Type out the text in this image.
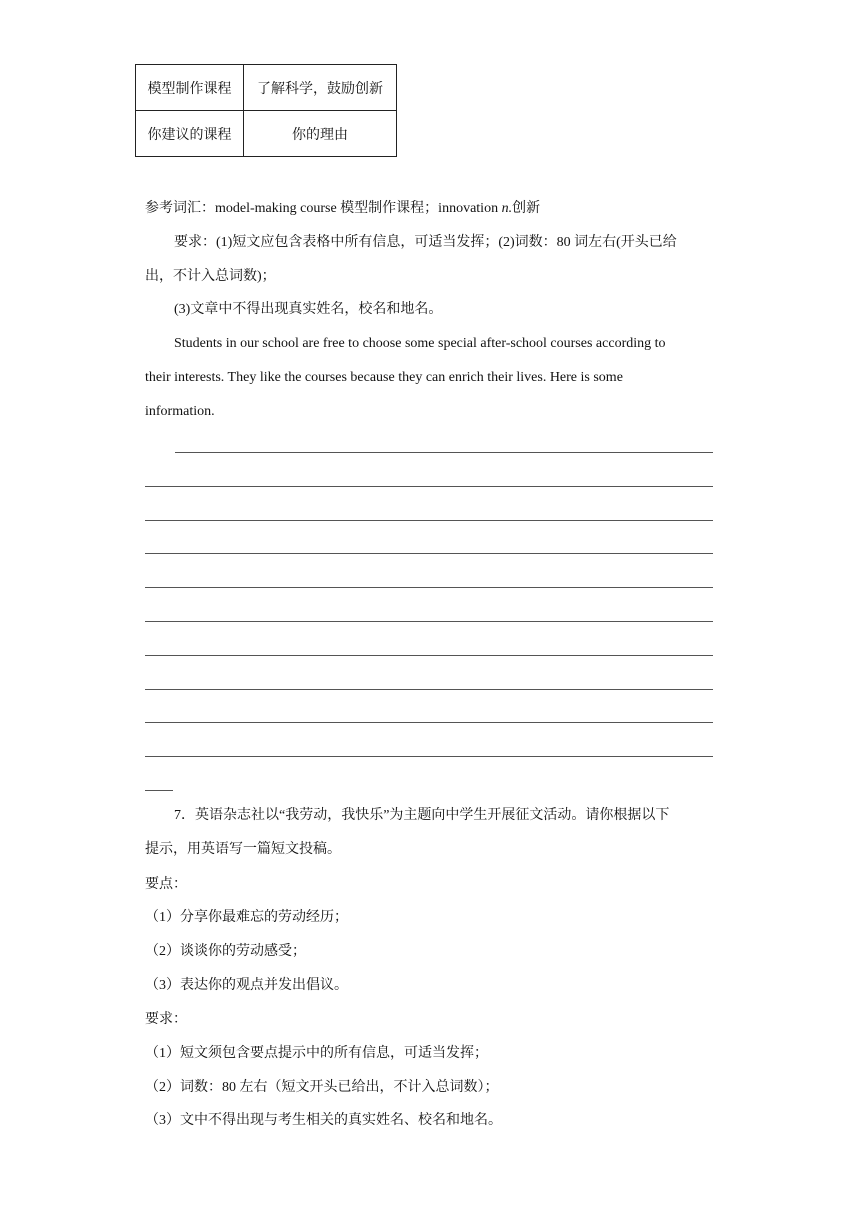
模型制作课程	了解科学，鼓励创新
你建议的课程	你的理由
参考词汇：model-making course 模型制作课程；innovation n.创新
要求：(1)短文应包含表格中所有信息，可适当发挥；(2)词数：80 词左右(开头已给
出，不计入总词数)；
(3)文章中不得出现真实姓名，校名和地名。
Students in our school are free to choose some special after-school courses according to
their interests. They like the courses because they can enrich their lives. Here is some
information.
7．英语杂志社以“我劳动，我快乐”为主题向中学生开展征文活动。请你根据以下
提示，用英语写一篇短文投稿。
要点：
（1）分享你最难忘的劳动经历；
（2）谈谈你的劳动感受；
（3）表达你的观点并发出倡议。
要求：
（1）短文须包含要点提示中的所有信息，可适当发挥；
（2）词数：80 左右（短文开头已给出，不计入总词数）；
（3）文中不得出现与考生相关的真实姓名、校名和地名。
